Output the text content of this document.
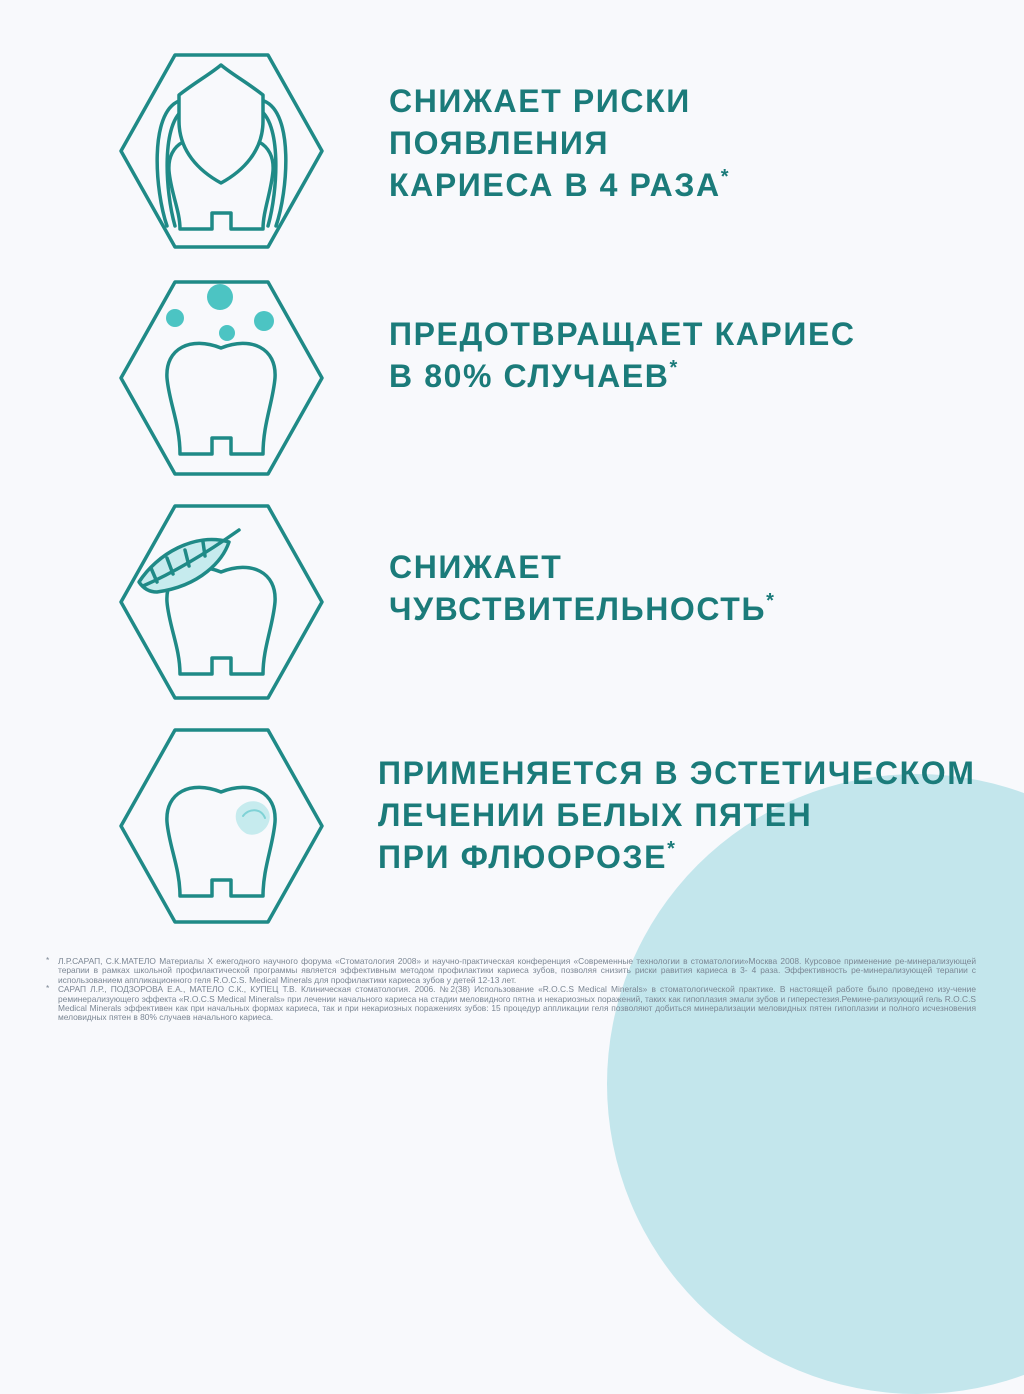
СНИЖАЕТ РИСКИ
ПОЯВЛЕНИЯ
КАРИЕСА В 4 РАЗА*
ПРЕДОТВРАЩАЕТ КАРИЕС
В 80% СЛУЧАЕВ*
СНИЖАЕТ
ЧУВСТВИТЕЛЬНОСТЬ*
ПРИМЕНЯЕТСЯ В ЭСТЕТИЧЕСКОМ
ЛЕЧЕНИИ БЕЛЫХ ПЯТЕН
ПРИ ФЛЮОРОЗЕ*
* Л.Р.САРАП, С.К.МАТЕЛО Материалы X ежегодного научного форума «Стоматология 2008» и научно-практическая конференция «Современные технологии в стоматологии»Москва 2008. Курсовое применение ре-минерализующей терапии в рамках школьной профилактической программы является эффективным методом профилактики кариеса зубов, позволяя снизить риски равития кариеса в 3- 4 раза. Эффективность ре-минерализующей терапии с использованием аппликационного геля R.O.C.S. Medical Minerals для профилактики кариеса зубов у детей 12-13 лет.
* САРАП Л.Р., ПОДЗОРОВА Е.А., МАТЕЛО С.К., КУПЕЦ Т.В. Клиническая стоматология. 2006. №2(38) Использование «R.O.C.S Medical Minerals» в стоматологической практике. В настоящей работе было проведено изу-чение реминерализующего эффекта «R.O.C.S Medical Minerals» при лечении начального кариеса на стадии меловидного пятна и некариозных поражений, таких как гипоплазия эмали зубов и гиперестезия.Ремине-рализующий гель R.O.C.S Medical Minerals эффективен как при начальных формах кариеса, так и при некариозных поражениях зубов: 15 процедур аппликации геля позволяют добиться минерализации меловидных пятен гипоплазии и полного исчезновения меловидных пятен в 80% случаев начального кариеса.
